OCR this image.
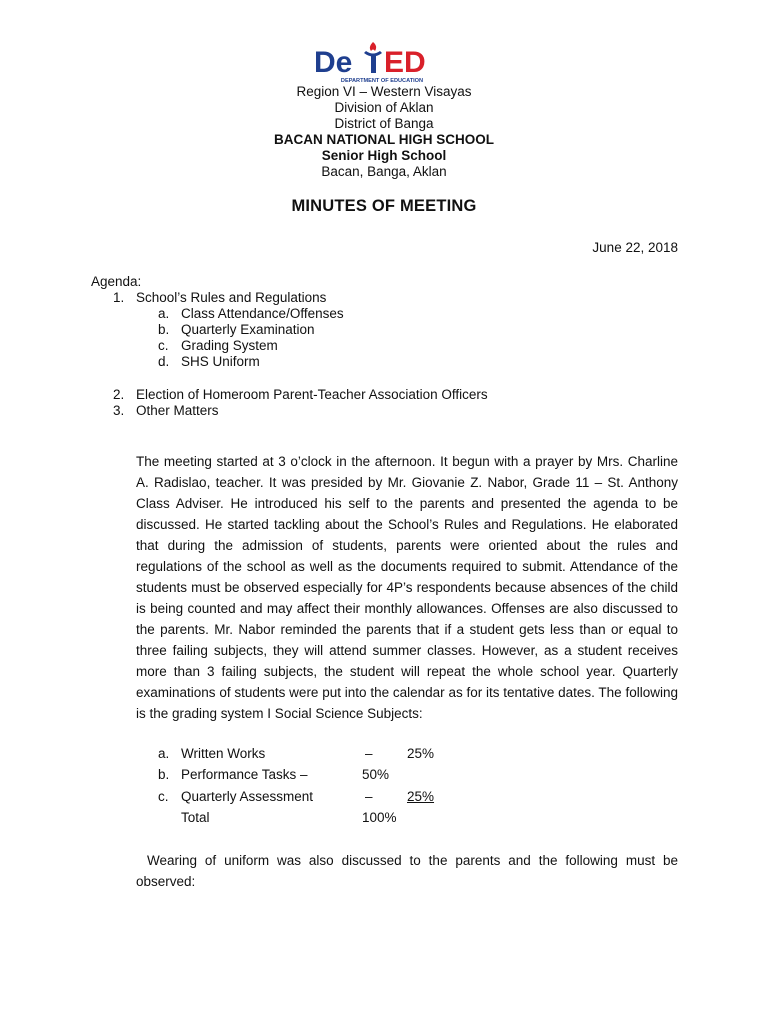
De ED
DEPARTMENT OF EDUCATION
Region VI – Western Visayas
Division of Aklan
District of Banga
BACAN NATIONAL HIGH SCHOOL
Senior High School
Bacan, Banga, Aklan
MINUTES OF MEETING
June 22, 2018
Agenda:
1. School’s Rules and Regulations
a. Class Attendance/Offenses
b. Quarterly Examination
c. Grading System
d. SHS Uniform
2. Election of Homeroom Parent-Teacher Association Officers
3. Other Matters

The meeting started at 3 o’clock in the afternoon. It begun with a prayer by Mrs. Charline A. Radislao, teacher. It was presided by Mr. Giovanie Z. Nabor, Grade 11 – St. Anthony Class Adviser. He introduced his self to the parents and presented the agenda to be discussed. He started tackling about the School’s Rules and Regulations. He elaborated that during the admission of students, parents were oriented about the rules and regulations of the school as well as the documents required to submit. Attendance of the students must be observed especially for 4P’s respondents because absences of the child is being counted and may affect their monthly allowances. Offenses are also discussed to the parents. Mr. Nabor reminded the parents that if a student gets less than or equal to three failing subjects, they will attend summer classes. However, as a student receives more than 3 failing subjects, the student will repeat the whole school year. Quarterly examinations of students were put into the calendar as for its tentative dates. The following is the grading system I Social Science Subjects:

a. Written Works	–	25%
b. Performance Tasks –	50%
c. Quarterly Assessment	–	25%
Total	100%

Wearing of uniform was also discussed to the parents and the following must be observed:
